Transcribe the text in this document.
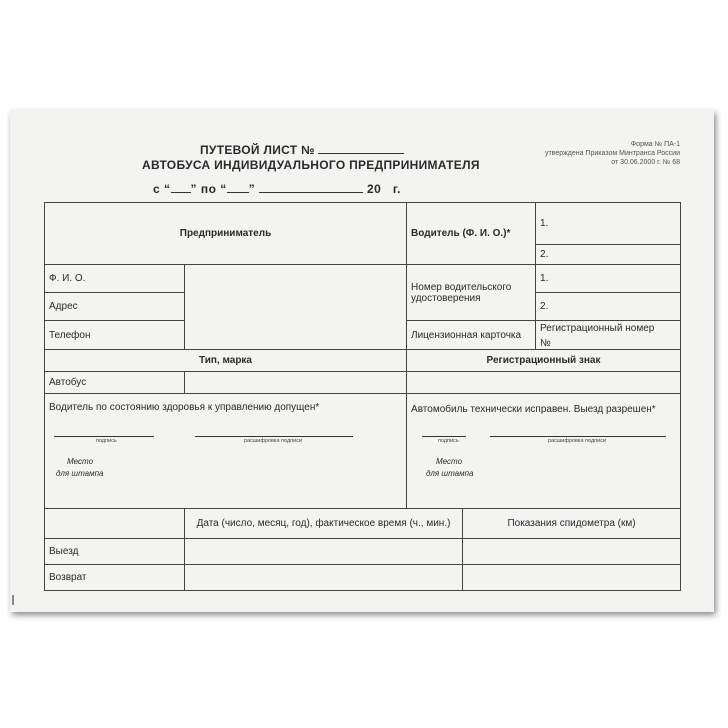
ПУТЕВОЙ ЛИСТ №
АВТОБУСА ИНДИВИДУАЛЬНОГО ПРЕДПРИНИМАТЕЛЯ
с “ ” по “ ”	20 г.
Форма № ПА-1
утверждена Приказом Минтранса России
от 30.06.2000 г. № 68
Предприниматель		Водитель (Ф. И. О.)*		1.
				2.
Ф. И. О.		Номер водительского удостоверения		1.
Адрес				2.
Телефон		Лицензионная карточка		Регистрационный номер
№

Тип, марка		Регистрационный знак		
Автобус				

Водитель по состоянию здоровья к управлению допущен*		Автомобиль технически исправен. Выезд разрешен*		

	Дата (число, месяц, год), фактическое время (ч., мин.)		Показания спидометра (км)	
Выезд				
Возврат				
подпись	расшифровка подписи
Место
для штампа
подпись	расшифровка подписи
Место
для штампа
